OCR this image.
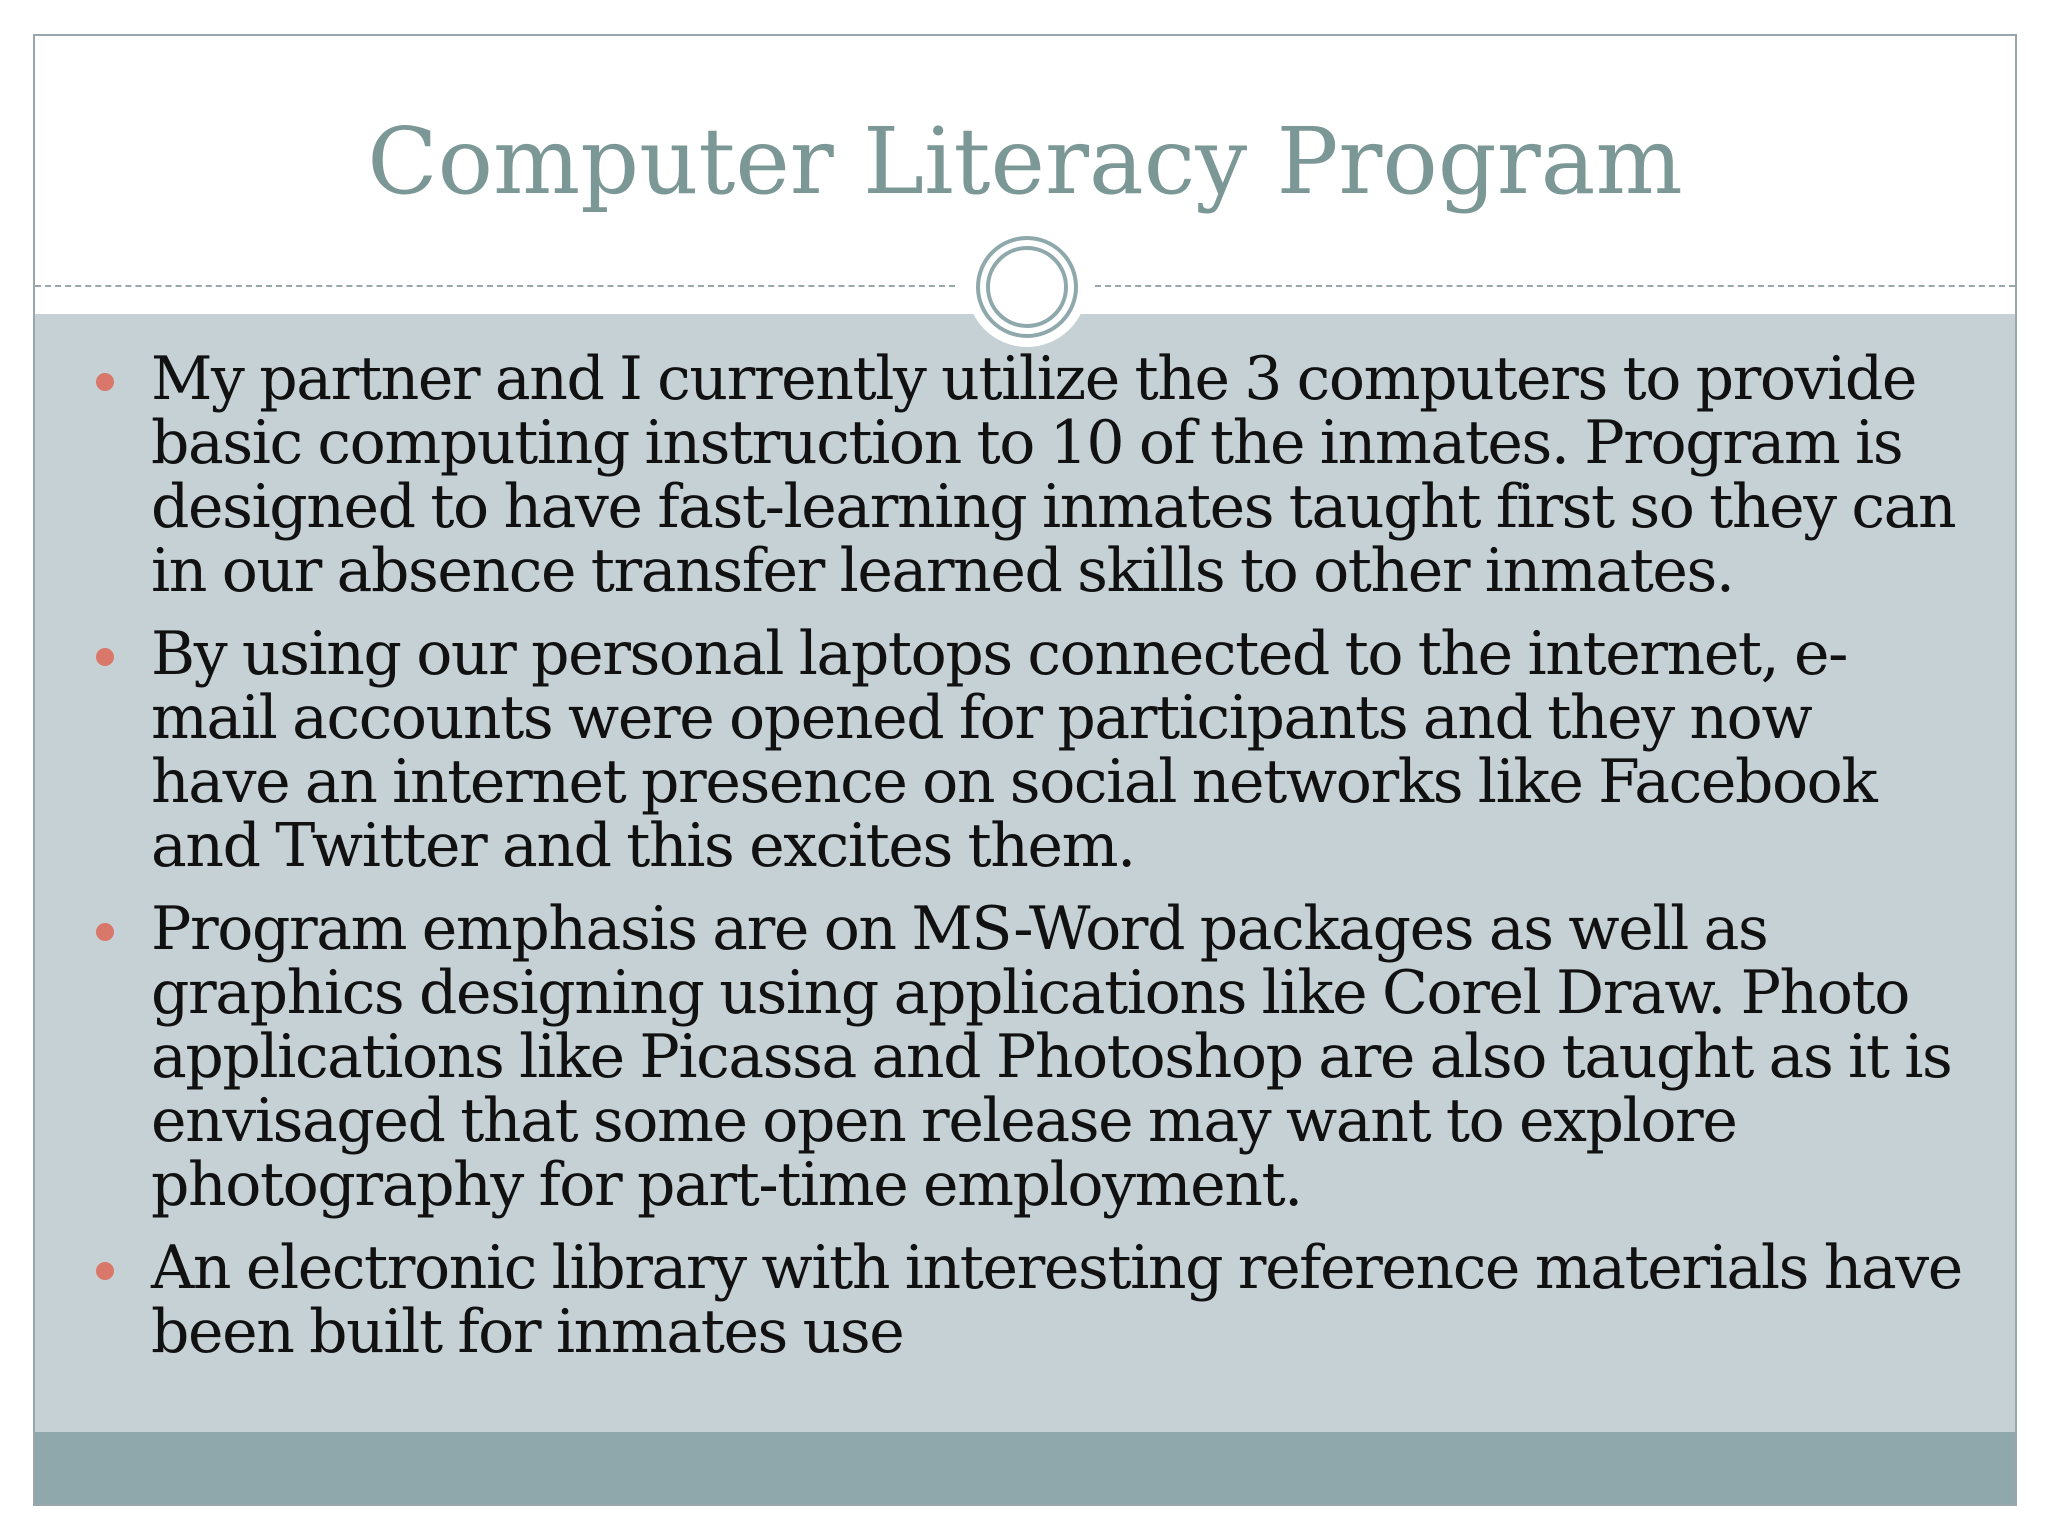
Computer Literacy Program
My partner and I currently utilize the 3 computers to provide basic computing instruction to 10 of the inmates. Program is designed to have fast-learning inmates taught first so they can in our absence transfer learned skills to other inmates.
By using our personal laptops connected to the internet, e-mail accounts were opened for participants and they now have an internet presence on social networks like Facebook and Twitter and this excites them.
Program emphasis are on MS-Word packages as well as graphics designing using applications like Corel Draw. Photo applications like Picassa and Photoshop are also taught as it is envisaged that some open release may want to explore photography for part-time employment.
An electronic library with interesting reference materials have been built for inmates use
